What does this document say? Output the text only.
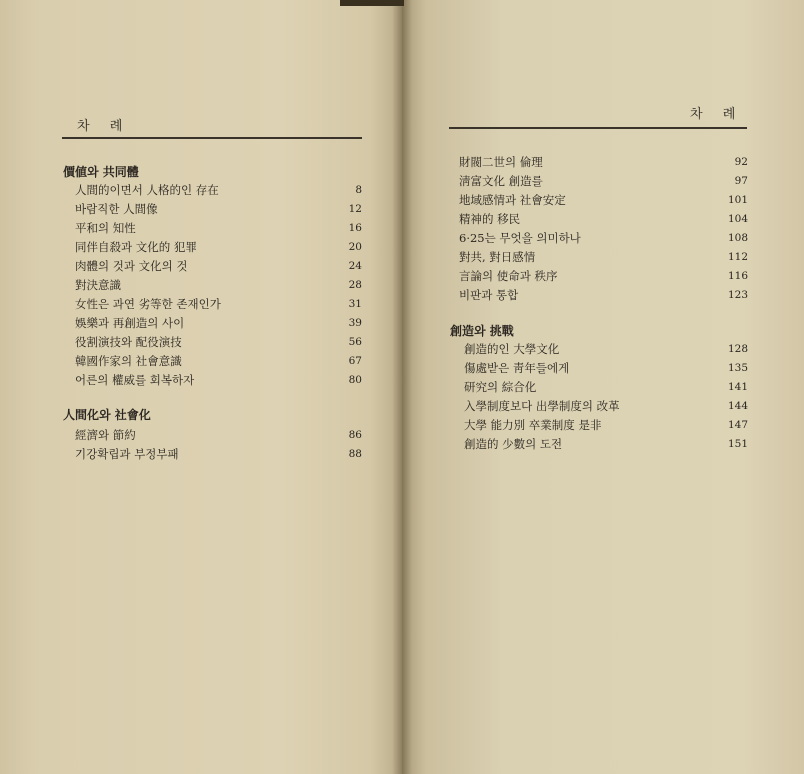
차 례
價値와 共同體
人間的이면서 人格的인 存在	8
바람직한 人間像	12
平和의 知性	16
同伴自殺과 文化的 犯罪	20
肉體의 것과 文化의 것	24
對決意識	28
女性은 과연 劣等한 존재인가	31
娛樂과 再創造의 사이	39
役割演技와 配役演技	56
韓國作家의 社會意識	67
어른의 權威를 회복하자	80
人間化와 社會化
經濟와 節約	86
기강확립과 부정부패	88
차 례
財閥二世의 倫理	92
淸富文化 創造를	97
地域感情과 社會安定	101
精神的 移民	104
6·25는 무엇을 의미하나	108
對共, 對日感情	112
言論의 使命과 秩序	116
비판과 통합	123
創造와 挑戰
創造的인 大學文化	128
傷處받은 靑年들에게	135
研究의 綜合化	141
入學制度보다 出學制度의 改革	144
大學 能力別 卒業制度 是非	147
創造的 少數의 도전	151
